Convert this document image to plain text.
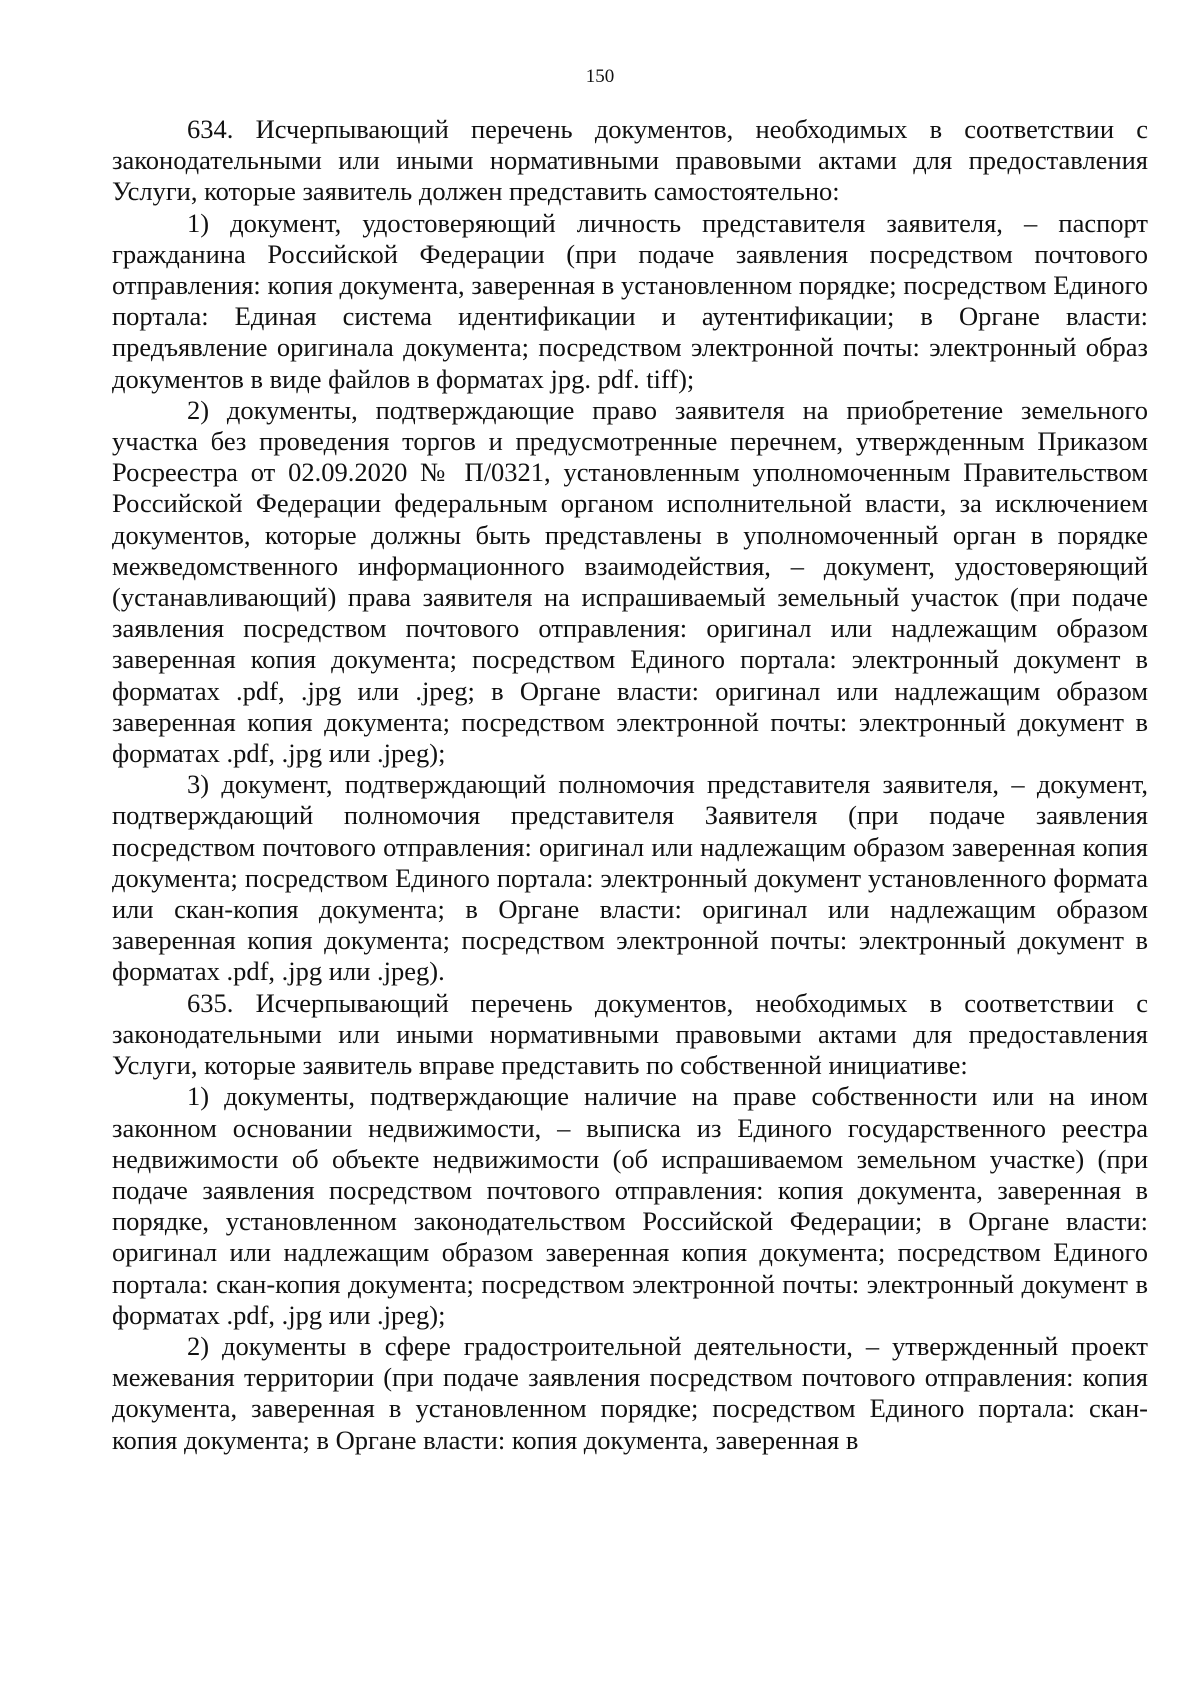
150

634. Исчерпывающий перечень документов, необходимых в соответствии с законодательными или иными нормативными правовыми актами для предоставления Услуги, которые заявитель должен представить самостоятельно:

1) документ, удостоверяющий личность представителя заявителя, – паспорт гражданина Российской Федерации (при подаче заявления посредством почтового отправления: копия документа, заверенная в установленном порядке; посредством Единого портала: Единая система идентификации и аутентификации; в Органе власти: предъявление оригинала документа; посредством электронной почты: электронный образ документов в виде файлов в форматах jpg. pdf. tiff);

2) документы, подтверждающие право заявителя на приобретение земельного участка без проведения торгов и предусмотренные перечнем, утвержденным Приказом Росреестра от 02.09.2020 № П/0321, установленным уполномоченным Правительством Российской Федерации федеральным органом исполнительной власти, за исключением документов, которые должны быть представлены в уполномоченный орган в порядке межведомственного информационного взаимодействия, – документ, удостоверяющий (устанавливающий) права заявителя на испрашиваемый земельный участок (при подаче заявления посредством почтового отправления: оригинал или надлежащим образом заверенная копия документа; посредством Единого портала: электронный документ в форматах .pdf, .jpg или .jpeg; в Органе власти: оригинал или надлежащим образом заверенная копия документа; посредством электронной почты: электронный документ в форматах .pdf, .jpg или .jpeg);

3) документ, подтверждающий полномочия представителя заявителя, – документ, подтверждающий полномочия представителя Заявителя (при подаче заявления посредством почтового отправления: оригинал или надлежащим образом заверенная копия документа; посредством Единого портала: электронный документ установленного формата или скан-копия документа; в Органе власти: оригинал или надлежащим образом заверенная копия документа; посредством электронной почты: электронный документ в форматах .pdf, .jpg или .jpeg).

635. Исчерпывающий перечень документов, необходимых в соответствии с законодательными или иными нормативными правовыми актами для предоставления Услуги, которые заявитель вправе представить по собственной инициативе:

1) документы, подтверждающие наличие на праве собственности или на ином законном основании недвижимости, – выписка из Единого государственного реестра недвижимости об объекте недвижимости (об испрашиваемом земельном участке) (при подаче заявления посредством почтового отправления: копия документа, заверенная в порядке, установленном законодательством Российской Федерации; в Органе власти: оригинал или надлежащим образом заверенная копия документа; посредством Единого портала: скан-копия документа; посредством электронной почты: электронный документ в форматах .pdf, .jpg или .jpeg);

2) документы в сфере градостроительной деятельности, – утвержденный проект межевания территории (при подаче заявления посредством почтового отправления: копия документа, заверенная в установленном порядке; посредством Единого портала: скан-копия документа; в Органе власти: копия документа, заверенная в
